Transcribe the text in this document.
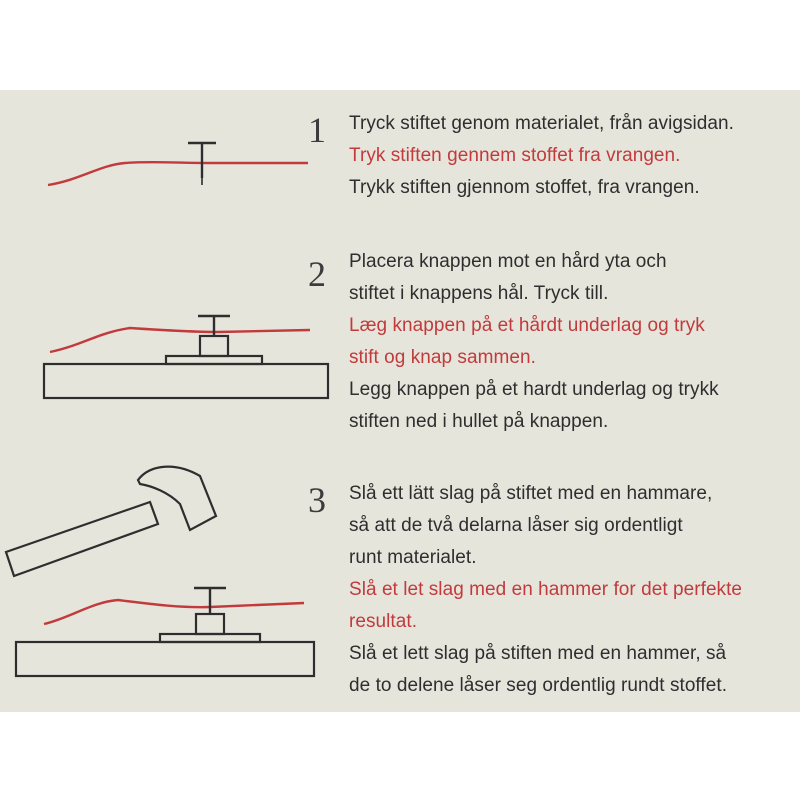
1	Tryck stiftet genom materialet, från avigsidan.

Tryk stiften gennem stoffet fra vrangen.

Trykk stiften gjennom stoffet, fra vrangen.

2	Placera knappen mot en hård yta och

stiftet i knappens hål. Tryck till.

Læg knappen på et hårdt underlag og tryk

stift og knap sammen.

Legg knappen på et hardt underlag og trykk

stiften ned i hullet på knappen.

3	Slå ett lätt slag på stiftet med en hammare,

så att de två delarna låser sig ordentligt

runt materialet.

Slå et let slag med en hammer for det perfekte

resultat.

Slå et lett slag på stiften med en hammer, så

de to delene låser seg ordentlig rundt stoffet.
